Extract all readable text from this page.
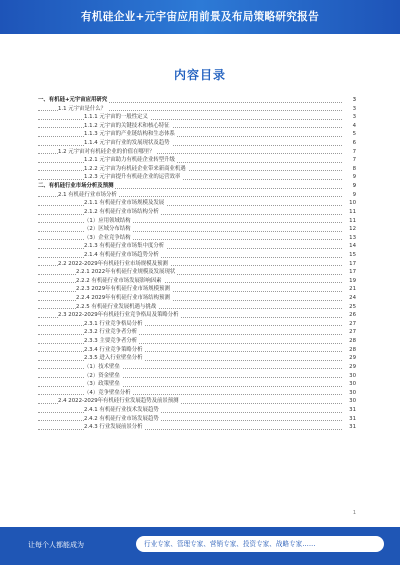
有机硅企业+元宇宙应用前景及布局策略研究报告
内容目录
一、有机硅+元宇宙应用研究	3
1.1 元宇宙是什么？	3
1.1.1 元宇宙的一般性定义	3
1.1.2 元宇宙的关键技术和核心特征	4
1.1.3 元宇宙的产业链结构和生态体系	5
1.1.4 元宇宙行业的发展现状及趋势	6
1.2 元宇宙对有机硅企业的价值在哪里？	7
1.2.1 元宇宙助力有机硅企业转型升级	7
1.2.2 元宇宙为有机硅企业带来新商业机遇	8
1.2.3 元宇宙提升有机硅企业的运营效率	9
二、有机硅行业市场分析及预测	9
2.1 有机硅行业市场分析	9
2.1.1 有机硅行业市场规模及发展	10
2.1.2 有机硅行业市场结构分析	11
（1）应用领域结构	11
（2）区域分布结构	12
（3）企业竞争结构	13
2.1.3 有机硅行业市场集中度分析	14
2.1.4 有机硅行业市场趋势分析	15
2.2 2022-2029年有机硅行业市场规模及预测	17
2.2.1 2022年有机硅行业规模及发展现状	17
2.2.2 有机硅行业市场发展影响因素	19
2.2.3 2029年有机硅行业市场规模预测	21
2.2.4 2029年有机硅行业市场结构预测	24
2.2.5 有机硅行业发展机遇与挑战	25
2.3 2022-2029年有机硅行业竞争格局及策略分析	26
2.3.1 行业竞争格局分析	27
2.3.2 行业竞争者分析	27
2.3.3 主要竞争者分析	28
2.3.4 行业竞争策略分析	28
2.3.5 进入行业壁垒分析	29
（1）技术壁垒	29
（2）资金壁垒	30
（3）政策壁垒	30
（4）竞争壁垒分析	30
2.4 2022-2029年有机硅行业发展趋势及前景预测	30
2.4.1 有机硅行业技术发展趋势	31
2.4.2 有机硅行业市场发展趋势	31
2.4.3 行业发展前景分析	31
1
让每个人都能成为	行业专家、管理专家、营销专家、投资专家、战略专家……
